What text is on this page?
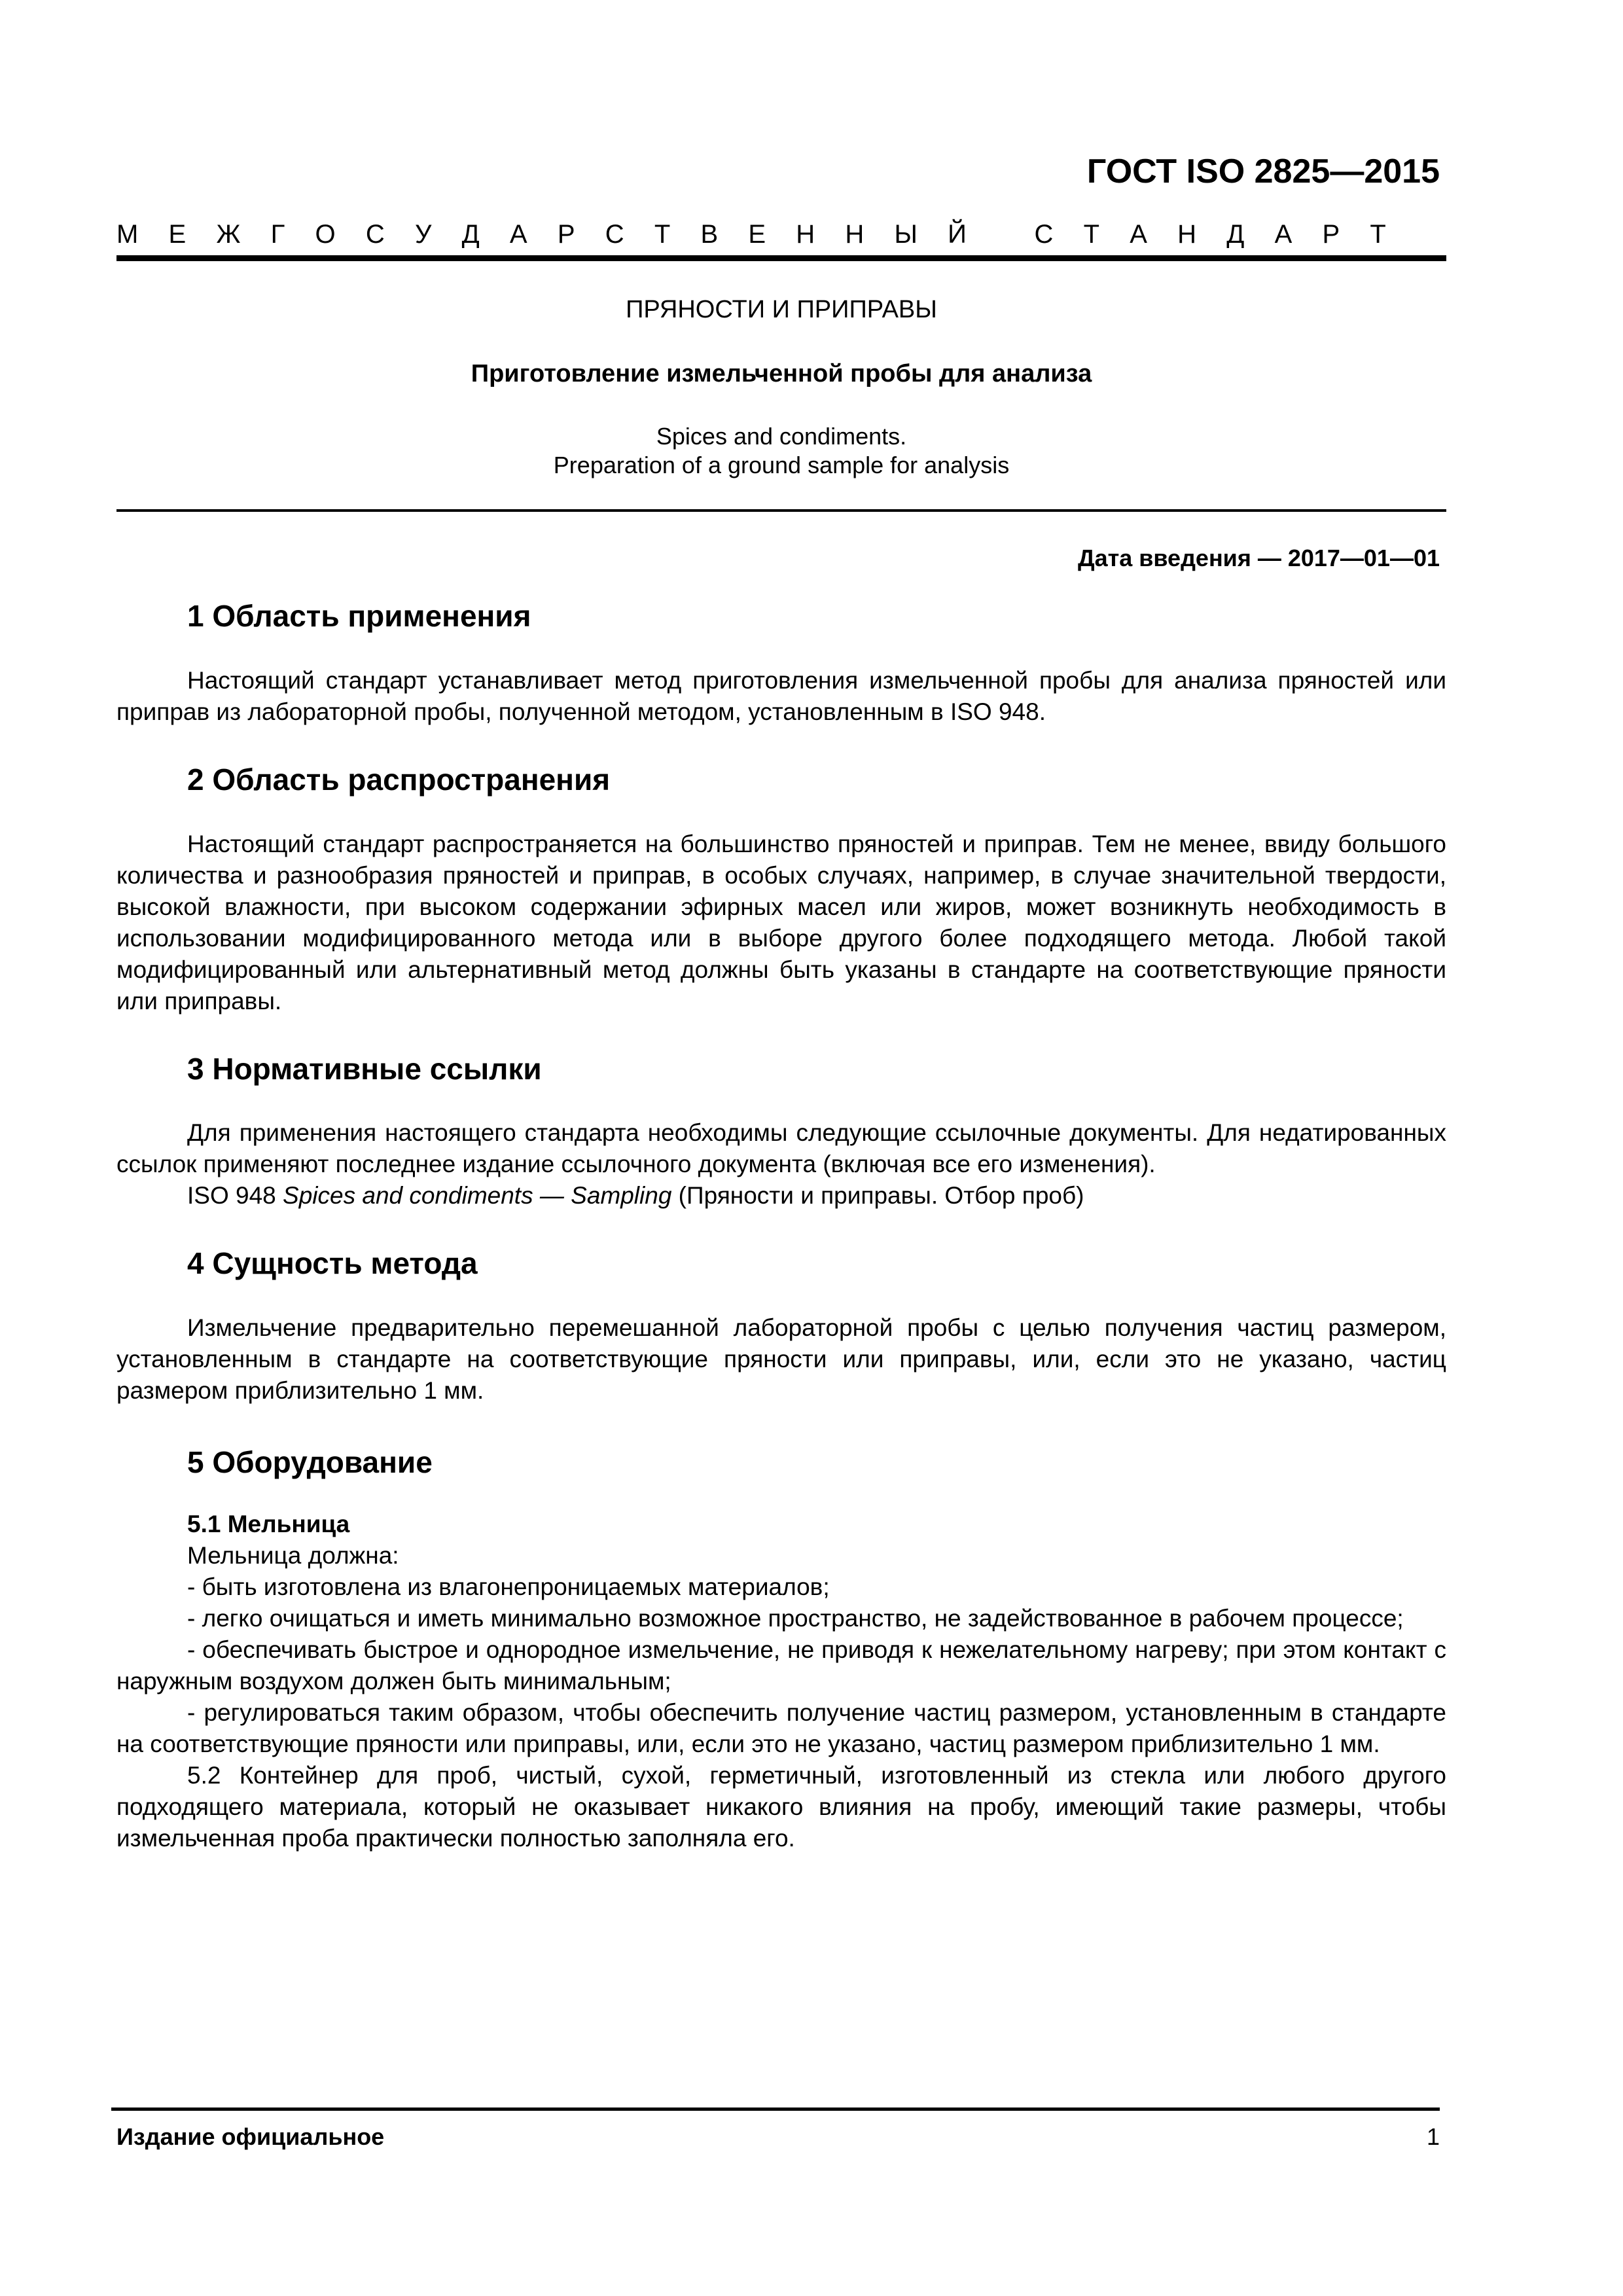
ГОСТ ISO 2825—2015
М Е Ж Г О С У Д А Р С Т В Е Н Н Ы Й
	С Т А Н Д А Р Т
ПРЯНОСТИ И ПРИПРАВЫ
Приготовление измельченной пробы для анализа
Spices and condiments.
Preparation of a ground sample for analysis
Дата введения — 2017—01—01
1 Область применения

Настоящий стандарт устанавливает метод приготовления измельченной пробы для анализа пряностей или приправ из лабораторной пробы, полученной методом, установленным в ISO 948.

2 Область распространения

Настоящий стандарт распространяется на большинство пряностей и приправ. Тем не менее, ввиду большого количества и разнообразия пряностей и приправ, в особых случаях, например, в случае значительной твердости, высокой влажности, при высоком содержании эфирных масел или жиров, может возникнуть необходимость в использовании модифицированного метода или в выборе другого более подходящего метода. Любой такой модифицированный или альтернативный метод должны быть указаны в стандарте на соответствующие пряности или приправы.

3 Нормативные ссылки

Для применения настоящего стандарта необходимы следующие ссылочные документы. Для недатированных ссылок применяют последнее издание ссылочного документа (включая все его изменения).

ISO 948 Spices and condiments — Sampling (Пряности и приправы. Отбор проб)

4 Сущность метода

Измельчение предварительно перемешанной лабораторной пробы с целью получения частиц размером, установленным в стандарте на соответствующие пряности или приправы, или, если это не указано, частиц размером приблизительно 1 мм.

5 Оборудование

5.1 Мельница

Мельница должна:

- быть изготовлена из влагонепроницаемых материалов;

- легко очищаться и иметь минимально возможное пространство, не задействованное в рабочем процессе;

- обеспечивать быстрое и однородное измельчение, не приводя к нежелательному нагреву; при этом контакт с наружным воздухом должен быть минимальным;

- регулироваться таким образом, чтобы обеспечить получение частиц размером, установленным в стандарте на соответствующие пряности или приправы, или, если это не указано, частиц размером приблизительно 1 мм.

5.2 Контейнер для проб, чистый, сухой, герметичный, изготовленный из стекла или любого другого подходящего материала, который не оказывает никакого влияния на пробу, имеющий такие размеры, чтобы измельченная проба практически полностью заполняла его.

Издание официальное	1
